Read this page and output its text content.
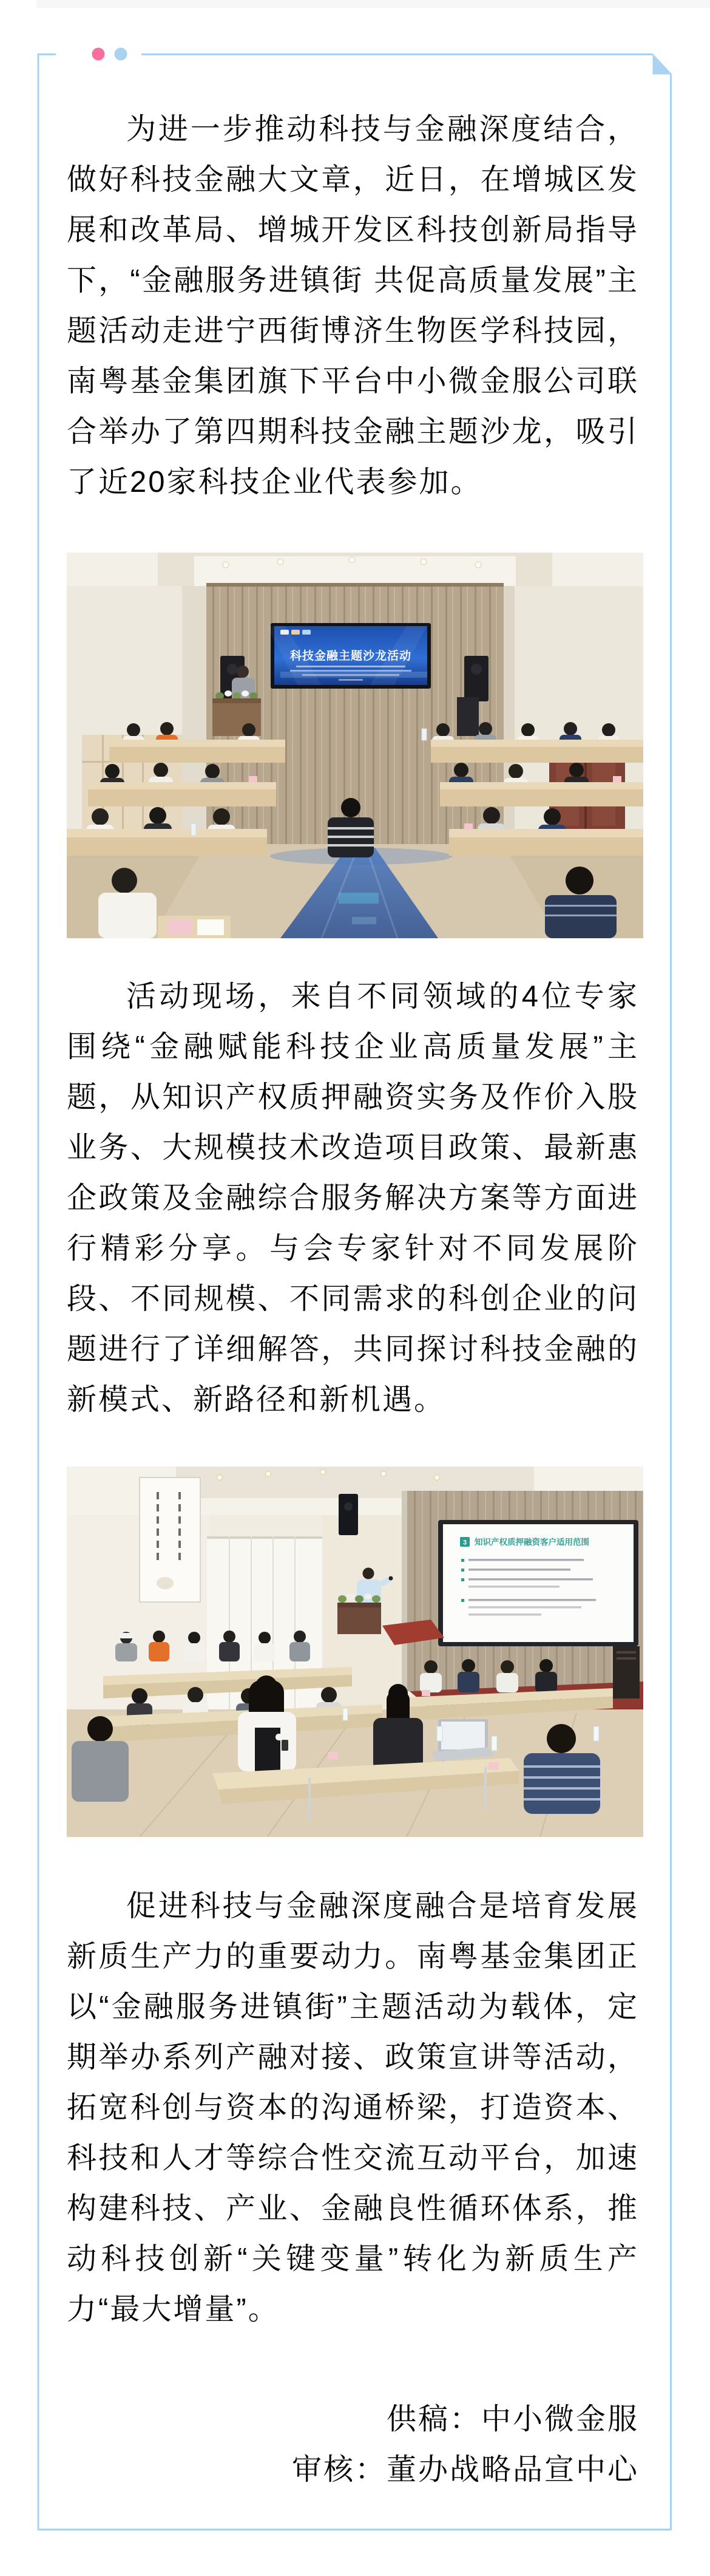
为进一步推动科技与金融深度结合，做好科技金融大文章，近日，在增城区发展和改革局、增城开发区科技创新局指导下，“金融服务进镇街 共促高质量发展”主题活动走进宁西街博济生物医学科技园，南粤基金集团旗下平台中小微金服公司联合举办了第四期科技金融主题沙龙，吸引了近20家科技企业代表参加。

科技金融主题沙龙活动

活动现场，来自不同领域的4位专家围绕“金融赋能科技企业高质量发展”主题，从知识产权质押融资实务及作价入股业务、大规模技术改造项目政策、最新惠企政策及金融综合服务解决方案等方面进行精彩分享。与会专家针对不同发展阶段、不同规模、不同需求的科创企业的问题进行了详细解答，共同探讨科技金融的新模式、新路径和新机遇。

3 知识产权质押融资客户适用范围

促进科技与金融深度融合是培育发展新质生产力的重要动力。南粤基金集团正以“金融服务进镇街”主题活动为载体，定期举办系列产融对接、政策宣讲等活动，拓宽科创与资本的沟通桥梁，打造资本、科技和人才等综合性交流互动平台，加速构建科技、产业、金融良性循环体系，推动科技创新“关键变量”转化为新质生产力“最大增量”。

供稿：中小微金服
审核：董办战略品宣中心
